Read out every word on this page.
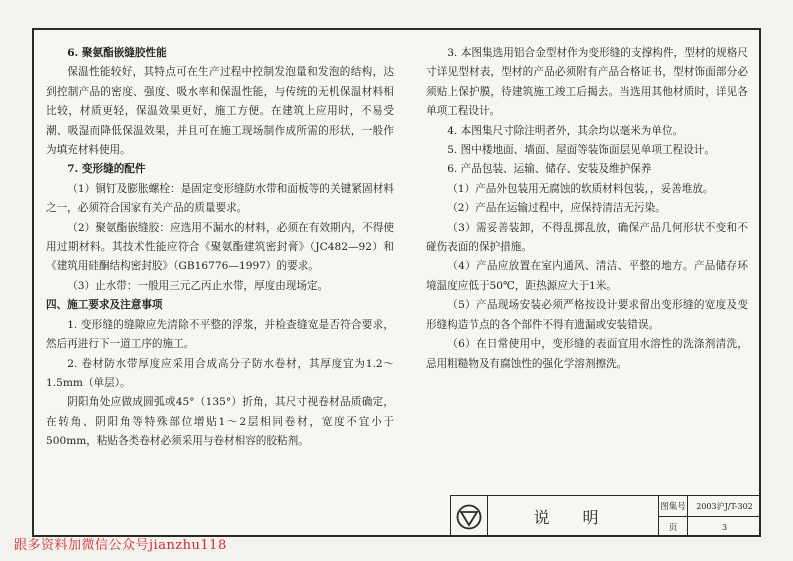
6. 聚氨酯嵌缝胶性能

保温性能较好，其特点可在生产过程中控制发泡量和发泡的结构，达到控制产品的密度、强度、吸水率和保温性能，与传统的无机保温材料相比较，材质更轻，保温效果更好，施工方便。在建筑上应用时，不易受潮、吸湿而降低保温效果，并且可在施工现场制作成所需的形状，一般作为填充材料使用。

7. 变形缝的配件

（1）铜钉及膨胀螺栓：是固定变形缝防水带和面板等的关键紧固材料之一，必须符合国家有关产品的质量要求。

（2）聚氨酯嵌缝胶：应选用不漏水的材料，必须在有效期内，不得使用过期材料。其技术性能应符合《聚氨酯建筑密封膏》（JC482—92）和《建筑用硅酮结构密封胶》（GB16776—1997）的要求。

（3）止水带：一般用三元乙丙止水带，厚度由现场定。

四、施工要求及注意事项

1. 变形缝的缝隙应先清除不平整的浮浆，并检查缝宽是否符合要求，然后再进行下一道工序的施工。

2. 卷材防水带厚度应采用合成高分子防水卷材，其厚度宜为1.2～1.5mm（单层）。

阴阳角处应做成圆弧或45°（135°）折角，其尺寸视卷材品质确定，在转角、阴阳角等特殊部位增贴1～2层相同卷材，宽度不宜小于500mm，粘贴各类卷材必须采用与卷材相容的胶粘剂。

3. 本图集选用铝合金型材作为变形缝的支撑构件，型材的规格尺寸详见型材表，型材的产品必须附有产品合格证书，型材饰面部分必须贴上保护膜，待建筑施工竣工后揭去。当选用其他材质时，详见各单项工程设计。

4. 本图集尺寸除注明者外，其余均以毫米为单位。

5. 图中楼地面、墙面、屋面等装饰面层见单项工程设计。

6. 产品包装、运输、储存、安装及维护保养

（1）产品外包装用无腐蚀的软质材料包装，，妥善堆放。

（2）产品在运输过程中，应保持清洁无污染。

（3）需妥善装卸，不得乱掷乱放，确保产品几何形状不变和不碰伤表面的保护措施。

（4）产品应放置在室内通风、清洁、平整的地方。产品储存环境温度应低于50℃，距热源应大于1米。

（5）产品现场安装必须严格按设计要求留出变形缝的宽度及变形缝构造节点的各个部件不得有遗漏或安装错误。

（6）在日常使用中，变形缝的表面宜用水溶性的洗涤剂清洗，忌用粗糙物及有腐蚀性的强化学溶剂擦洗。

说 明
图集号	2003沪J/T-302
页	3
跟多资料加微信公众号jianzhu118
